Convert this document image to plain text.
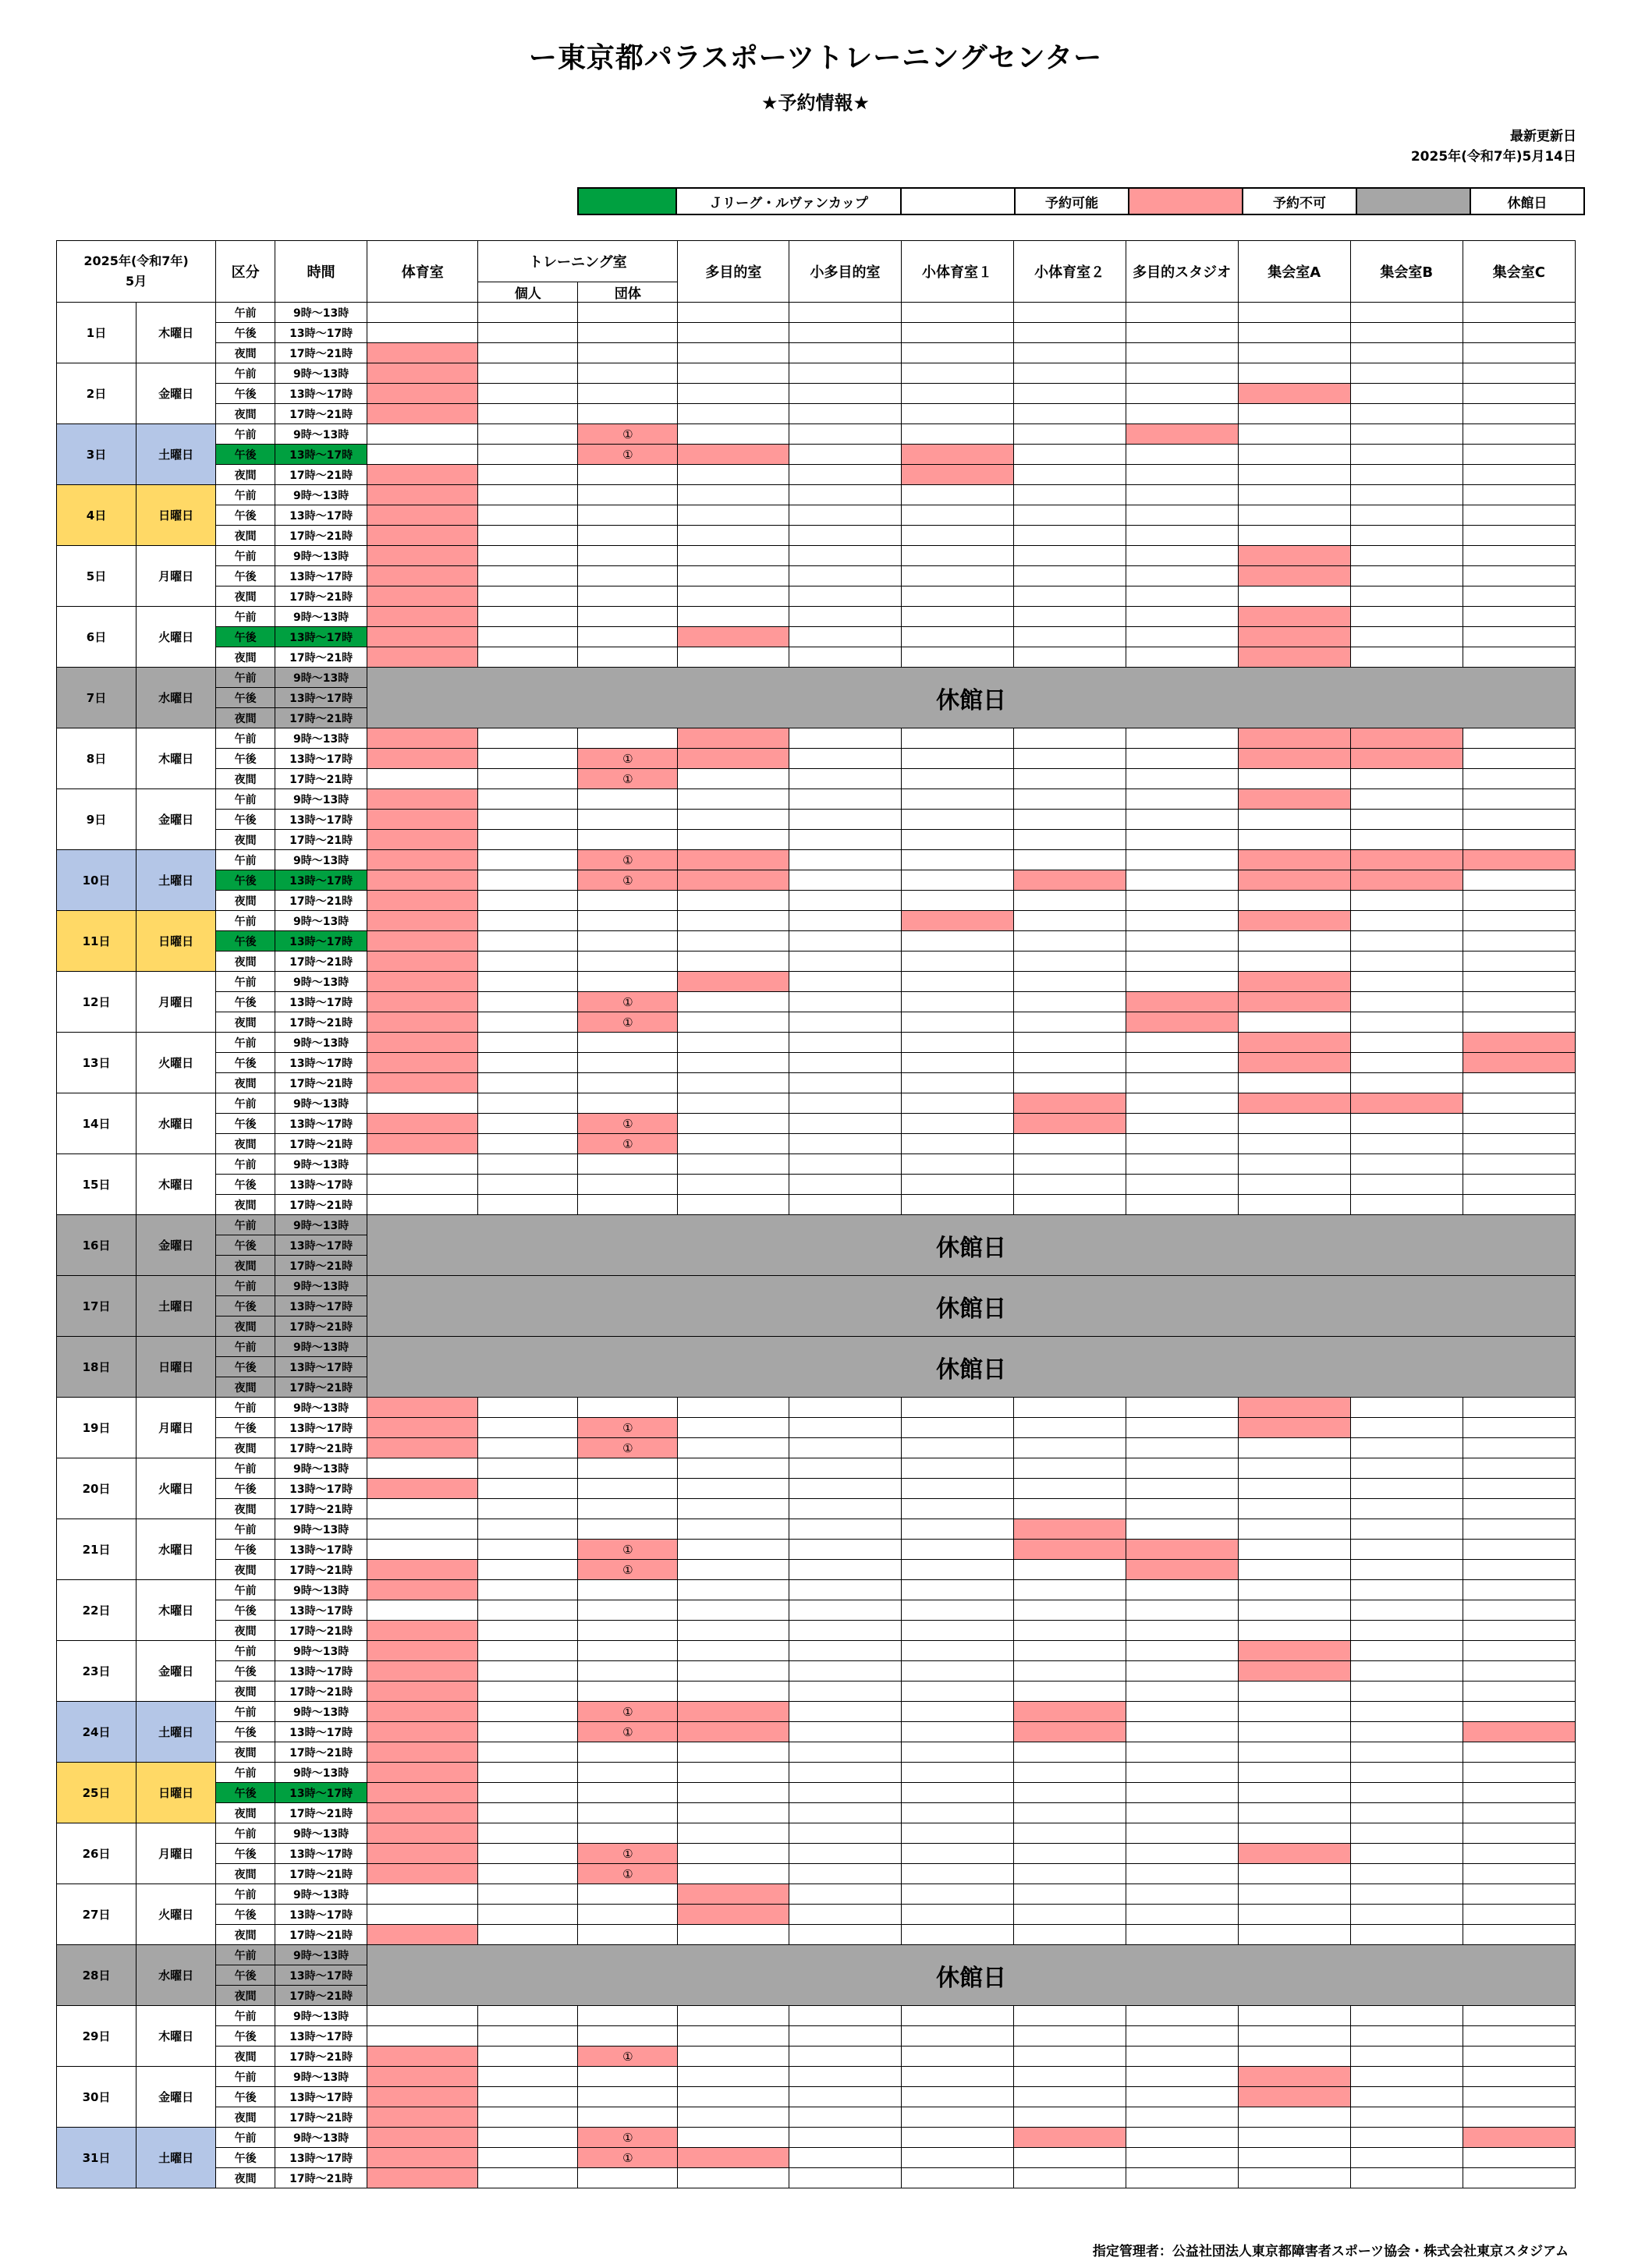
ー東京都パラスポーツトレーニングセンター
★予約情報★
最新更新日
2025年(令和7年)5月14日
	Ｊリーグ・ルヴァンカップ		予約可能		予約不可		休館日
2025年(令和7年)
5月		区分	時間	体育室	トレーニング室		多目的室	小多目的室	小体育室１	小体育室２	多目的スタジオ	集会室A	集会室B	集会室C
					個人	団体								
1日	木曜日	午前	9時～13時											
		午後	13時～17時											
		夜間	17時～21時											
2日	金曜日	午前	9時～13時											
		午後	13時～17時											
		夜間	17時～21時											
3日	土曜日	午前	9時～13時			①								
		午後	13時～17時			①								
		夜間	17時～21時											
4日	日曜日	午前	9時～13時											
		午後	13時～17時											
		夜間	17時～21時											
5日	月曜日	午前	9時～13時											
		午後	13時～17時											
		夜間	17時～21時											
6日	火曜日	午前	9時～13時											
		午後	13時～17時											
		夜間	17時～21時											
7日	水曜日	午前	9時～13時	休館日										
		午後	13時～17時											
		夜間	17時～21時											
8日	木曜日	午前	9時～13時											
		午後	13時～17時			①								
		夜間	17時～21時			①								
9日	金曜日	午前	9時～13時											
		午後	13時～17時											
		夜間	17時～21時											
10日	土曜日	午前	9時～13時			①								
		午後	13時～17時			①								
		夜間	17時～21時											
11日	日曜日	午前	9時～13時											
		午後	13時～17時											
		夜間	17時～21時											
12日	月曜日	午前	9時～13時											
		午後	13時～17時			①								
		夜間	17時～21時			①								
13日	火曜日	午前	9時～13時											
		午後	13時～17時											
		夜間	17時～21時											
14日	水曜日	午前	9時～13時											
		午後	13時～17時			①								
		夜間	17時～21時			①								
15日	木曜日	午前	9時～13時											
		午後	13時～17時											
		夜間	17時～21時											
16日	金曜日	午前	9時～13時	休館日										
		午後	13時～17時											
		夜間	17時～21時											
17日	土曜日	午前	9時～13時	休館日										
		午後	13時～17時											
		夜間	17時～21時											
18日	日曜日	午前	9時～13時	休館日										
		午後	13時～17時											
		夜間	17時～21時											
19日	月曜日	午前	9時～13時											
		午後	13時～17時			①								
		夜間	17時～21時			①								
20日	火曜日	午前	9時～13時											
		午後	13時～17時											
		夜間	17時～21時											
21日	水曜日	午前	9時～13時											
		午後	13時～17時			①								
		夜間	17時～21時			①								
22日	木曜日	午前	9時～13時											
		午後	13時～17時											
		夜間	17時～21時											
23日	金曜日	午前	9時～13時											
		午後	13時～17時											
		夜間	17時～21時											
24日	土曜日	午前	9時～13時			①								
		午後	13時～17時			①								
		夜間	17時～21時											
25日	日曜日	午前	9時～13時											
		午後	13時～17時											
		夜間	17時～21時											
26日	月曜日	午前	9時～13時											
		午後	13時～17時			①								
		夜間	17時～21時			①								
27日	火曜日	午前	9時～13時											
		午後	13時～17時											
		夜間	17時～21時											
28日	水曜日	午前	9時～13時	休館日										
		午後	13時～17時											
		夜間	17時～21時											
29日	木曜日	午前	9時～13時											
		午後	13時～17時											
		夜間	17時～21時			①								
30日	金曜日	午前	9時～13時											
		午後	13時～17時											
		夜間	17時～21時											
31日	土曜日	午前	9時～13時			①								
		午後	13時～17時			①								
		夜間	17時～21時											
指定管理者：公益社団法人東京都障害者スポーツ協会・株式会社東京スタジアム
